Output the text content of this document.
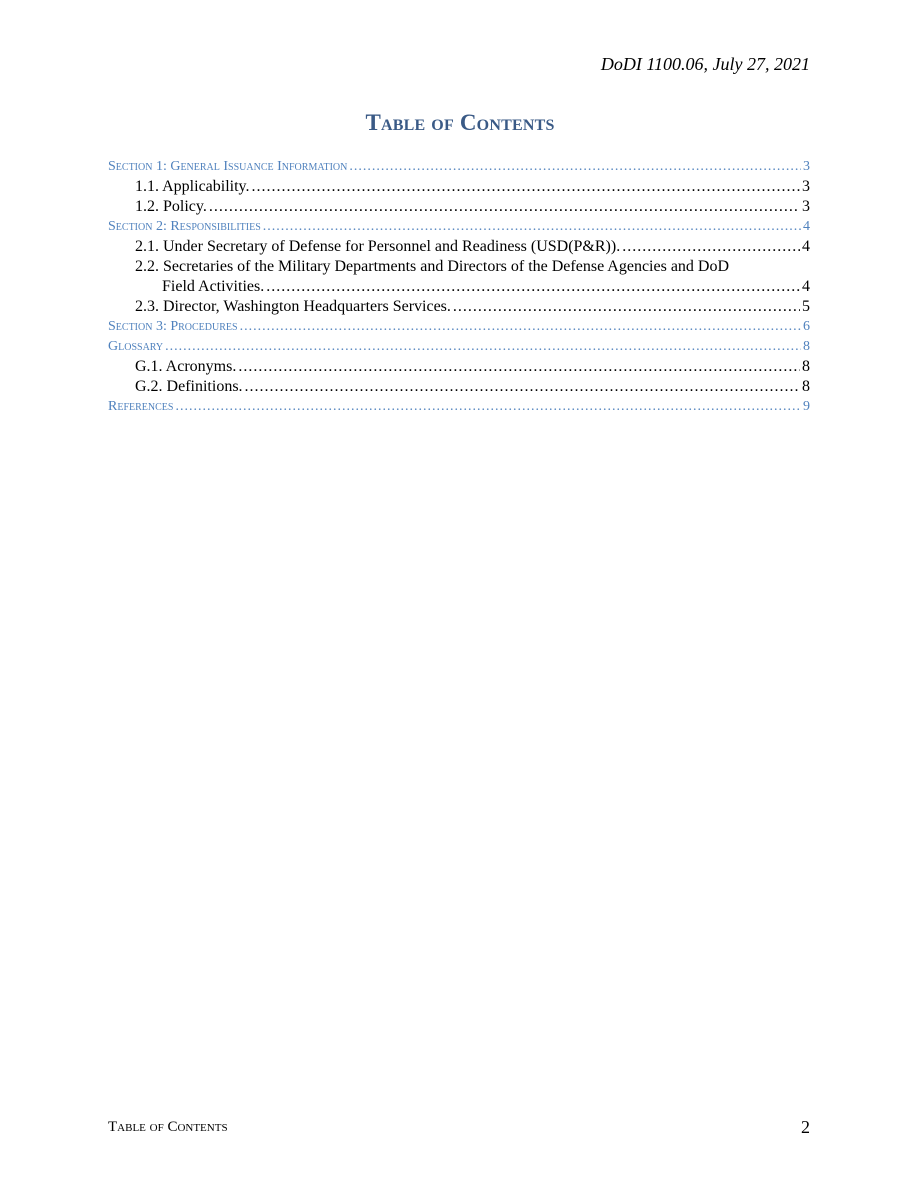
DoDI 1100.06, July 27, 2021
Table of Contents
Section 1: General Issuance Information .....	3
1.1. Applicability. .....	3
1.2. Policy. .....	3
Section 2: Responsibilities .....	4
2.1. Under Secretary of Defense for Personnel and Readiness (USD(P&R)). .....	4
2.2. Secretaries of the Military Departments and Directors of the Defense Agencies and DoD
Field Activities. .....	4
2.3. Director, Washington Headquarters Services. .....	5
Section 3: Procedures .....	6
Glossary .....	8
G.1. Acronyms. .....	8
G.2. Definitions. .....	8
References .....	9
Table of Contents	2
